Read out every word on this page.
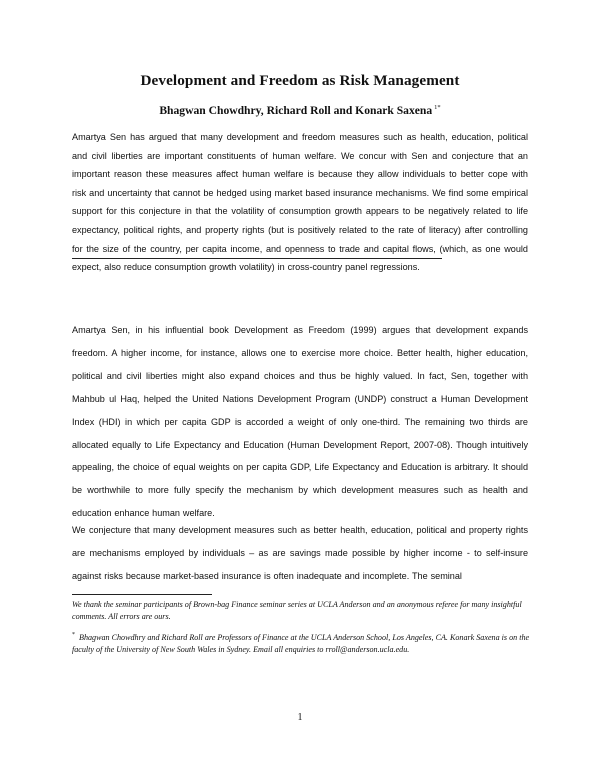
Development and Freedom as Risk Management
Bhagwan Chowdhry, Richard Roll and Konark Saxena $^{1*}$

Amartya Sen has argued that many development and freedom measures such as health, education, political and civil liberties are important constituents of human welfare. We concur with Sen and conjecture that an important reason these measures affect human welfare is because they allow individuals to better cope with risk and uncertainty that cannot be hedged using market based insurance mechanisms. We find some empirical support for this conjecture in that the volatility of consumption growth appears to be negatively related to life expectancy, political rights, and property rights (but is positively related to the rate of literacy) after controlling for the size of the country, per capita income, and openness to trade and capital flows, (which, as one would expect, also reduce consumption growth volatility) in cross-country panel regressions.

Amartya Sen, in his influential book Development as Freedom (1999) argues that development expands freedom. A higher income, for instance, allows one to exercise more choice. Better health, higher education, political and civil liberties might also expand choices and thus be highly valued. In fact, Sen, together with Mahbub ul Haq, helped the United Nations Development Program (UNDP) construct a Human Development Index (HDI) in which per capita GDP is accorded a weight of only one-third. The remaining two thirds are allocated equally to Life Expectancy and Education (Human Development Report, 2007-08). Though intuitively appealing, the choice of equal weights on per capita GDP, Life Expectancy and Education is arbitrary. It should be worthwhile to more fully specify the mechanism by which development measures such as health and education enhance human welfare.

We conjecture that many development measures such as better health, education, political and property rights are mechanisms employed by individuals – as are savings made possible by higher income - to self-insure against risks because market-based insurance is often inadequate and incomplete. The seminal

We thank the seminar participants of Brown-bag Finance seminar series at UCLA Anderson and an anonymous referee for many insightful comments. All errors are ours.

* Bhagwan Chowdhry and Richard Roll are Professors of Finance at the UCLA Anderson School, Los Angeles, CA. Konark Saxena is on the faculty of the University of New South Wales in Sydney. Email all enquiries to rroll@anderson.ucla.edu.

1
